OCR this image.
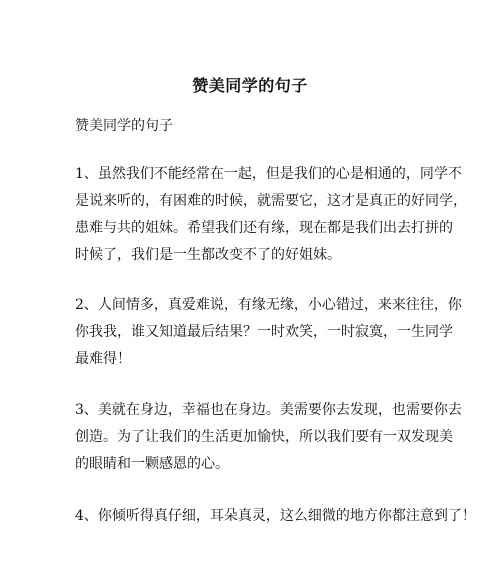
赞美同学的句子
赞美同学的句子

1、虽然我们不能经常在一起，但是我们的心是相通的，同学不
是说来听的，有困难的时候，就需要它，这才是真正的好同学，
患难与共的姐妹。希望我们还有缘，现在都是我们出去打拼的
时候了，我们是一生都改变不了的好姐妹。

2、人间情多，真爱难说，有缘无缘，小心错过，来来往往，你
你我我，谁又知道最后结果？一时欢笑，一时寂寞，一生同学
最难得！

3、美就在身边，幸福也在身边。美需要你去发现，也需要你去
创造。为了让我们的生活更加愉快，所以我们要有一双发现美
的眼睛和一颗感恩的心。

4、你倾听得真仔细，耳朵真灵，这么细微的地方你都注意到了！
